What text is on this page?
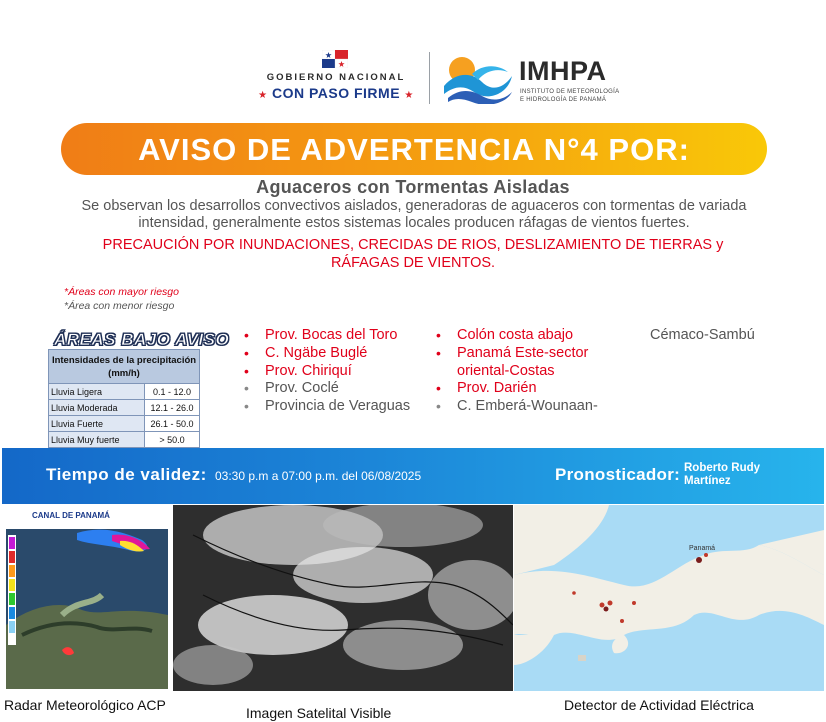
GOBIERNO NACIONAL
★ CON PASO FIRME ★
IMHPA
INSTITUTO DE METEOROLOGÍA
E HIDROLOGÍA DE PANAMÁ
AVISO DE ADVERTENCIA N°4 POR:
Aguaceros con Tormentas Aisladas
Se observan los desarrollos convectivos aislados, generadoras de aguaceros con tormentas de variada intensidad, generalmente estos sistemas locales producen ráfagas de vientos fuertes.
PRECAUCIÓN POR INUNDACIONES, CRECIDAS DE RIOS, DESLIZAMIENTO DE TIERRAS y RÁFAGAS DE VIENTOS.
*Áreas con mayor riesgo
*Área con menor riesgo
ÁREAS BAJO AVISO
Intensidades de la precipitación (mm/h)	
Lluvia Ligera	0.1 - 12.0
Lluvia Moderada	12.1 - 26.0
Lluvia Fuerte	26.1 - 50.0
Lluvia Muy fuerte	> 50.0
• Prov. Bocas del Toro
• C. Ngäbe Buglé
• Prov. Chiriquí
• Prov. Coclé
• Provincia de Veraguas
• Colón costa abajo
• Panamá Este-sector
oriental-Costas
• Prov. Darién
• C. Emberá-Wounaan-
Cémaco-Sambú
Tiempo de validez: 03:30 p.m a 07:00 p.m. del 06/08/2025	Pronosticador: Roberto Rudy Martínez
CANAL DE PANAMÁ
Panamá
Radar Meteorológico ACP	Imagen Satelital Visible	Detector de Actividad Eléctrica
